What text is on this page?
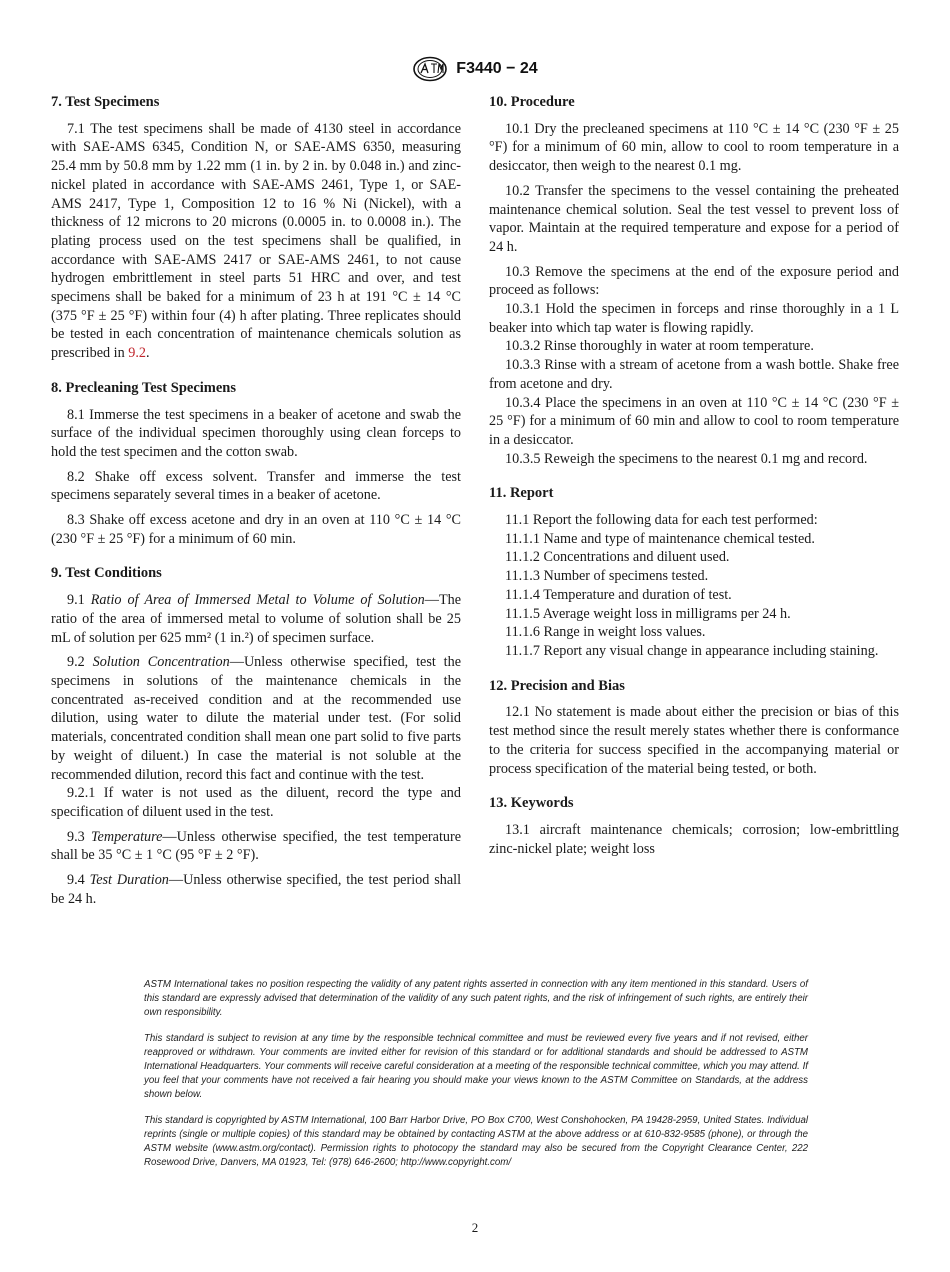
F3440 − 24

7. Test Specimens

7.1 The test specimens shall be made of 4130 steel in accordance with SAE-AMS 6345, Condition N, or SAE-AMS 6350, measuring 25.4 mm by 50.8 mm by 1.22 mm (1 in. by 2 in. by 0.048 in.) and zinc-nickel plated in accordance with SAE-AMS 2461, Type 1, or SAE-AMS 2417, Type 1, Composition 12 to 16 % Ni (Nickel), with a thickness of 12 microns to 20 microns (0.0005 in. to 0.0008 in.). The plating process used on the test specimens shall be qualified, in accordance with SAE-AMS 2417 or SAE-AMS 2461, to not cause hydrogen embrittlement in steel parts 51 HRC and over, and test specimens shall be baked for a minimum of 23 h at 191 °C ± 14 °C (375 °F ± 25 °F) within four (4) h after plating. Three replicates should be tested in each concentration of maintenance chemicals solution as prescribed in 9.2.

8. Precleaning Test Specimens

8.1 Immerse the test specimens in a beaker of acetone and swab the surface of the individual specimen thoroughly using clean forceps to hold the test specimen and the cotton swab.

8.2 Shake off excess solvent. Transfer and immerse the test specimens separately several times in a beaker of acetone.

8.3 Shake off excess acetone and dry in an oven at 110 °C ± 14 °C (230 °F ± 25 °F) for a minimum of 60 min.

9. Test Conditions

9.1 Ratio of Area of Immersed Metal to Volume of Solution—The ratio of the area of immersed metal to volume of solution shall be 25 mL of solution per 625 mm² (1 in.²) of specimen surface.

9.2 Solution Concentration—Unless otherwise specified, test the specimens in solutions of the maintenance chemicals in the concentrated as-received condition and at the recommended use dilution, using water to dilute the material under test. (For solid materials, concentrated condition shall mean one part solid to five parts by weight of diluent.) In case the material is not soluble at the recommended dilution, record this fact and continue with the test.

9.2.1 If water is not used as the diluent, record the type and specification of diluent used in the test.

9.3 Temperature—Unless otherwise specified, the test temperature shall be 35 °C ± 1 °C (95 °F ± 2 °F).

9.4 Test Duration—Unless otherwise specified, the test period shall be 24 h.

10. Procedure

10.1 Dry the precleaned specimens at 110 °C ± 14 °C (230 °F ± 25 °F) for a minimum of 60 min, allow to cool to room temperature in a desiccator, then weigh to the nearest 0.1 mg.

10.2 Transfer the specimens to the vessel containing the preheated maintenance chemical solution. Seal the test vessel to prevent loss of vapor. Maintain at the required temperature and expose for a period of 24 h.

10.3 Remove the specimens at the end of the exposure period and proceed as follows:

10.3.1 Hold the specimen in forceps and rinse thoroughly in a 1 L beaker into which tap water is flowing rapidly.

10.3.2 Rinse thoroughly in water at room temperature.

10.3.3 Rinse with a stream of acetone from a wash bottle. Shake free from acetone and dry.

10.3.4 Place the specimens in an oven at 110 °C ± 14 °C (230 °F ± 25 °F) for a minimum of 60 min and allow to cool to room temperature in a desiccator.

10.3.5 Reweigh the specimens to the nearest 0.1 mg and record.

11. Report

11.1 Report the following data for each test performed:

11.1.1 Name and type of maintenance chemical tested.

11.1.2 Concentrations and diluent used.

11.1.3 Number of specimens tested.

11.1.4 Temperature and duration of test.

11.1.5 Average weight loss in milligrams per 24 h.

11.1.6 Range in weight loss values.

11.1.7 Report any visual change in appearance including staining.

12. Precision and Bias

12.1 No statement is made about either the precision or bias of this test method since the result merely states whether there is conformance to the criteria for success specified in the accompanying material or process specification of the material being tested, or both.

13. Keywords

13.1 aircraft maintenance chemicals; corrosion; low-embrittling zinc-nickel plate; weight loss

ASTM International takes no position respecting the validity of any patent rights asserted in connection with any item mentioned in this standard. Users of this standard are expressly advised that determination of the validity of any such patent rights, and the risk of infringement of such rights, are entirely their own responsibility.

This standard is subject to revision at any time by the responsible technical committee and must be reviewed every five years and if not revised, either reapproved or withdrawn. Your comments are invited either for revision of this standard or for additional standards and should be addressed to ASTM International Headquarters. Your comments will receive careful consideration at a meeting of the responsible technical committee, which you may attend. If you feel that your comments have not received a fair hearing you should make your views known to the ASTM Committee on Standards, at the address shown below.

This standard is copyrighted by ASTM International, 100 Barr Harbor Drive, PO Box C700, West Conshohocken, PA 19428-2959, United States. Individual reprints (single or multiple copies) of this standard may be obtained by contacting ASTM at the above address or at 610-832-9585 (phone), or through the ASTM website (www.astm.org/contact). Permission rights to photocopy the standard may also be secured from the Copyright Clearance Center, 222 Rosewood Drive, Danvers, MA 01923, Tel: (978) 646-2600; http://www.copyright.com/

2
